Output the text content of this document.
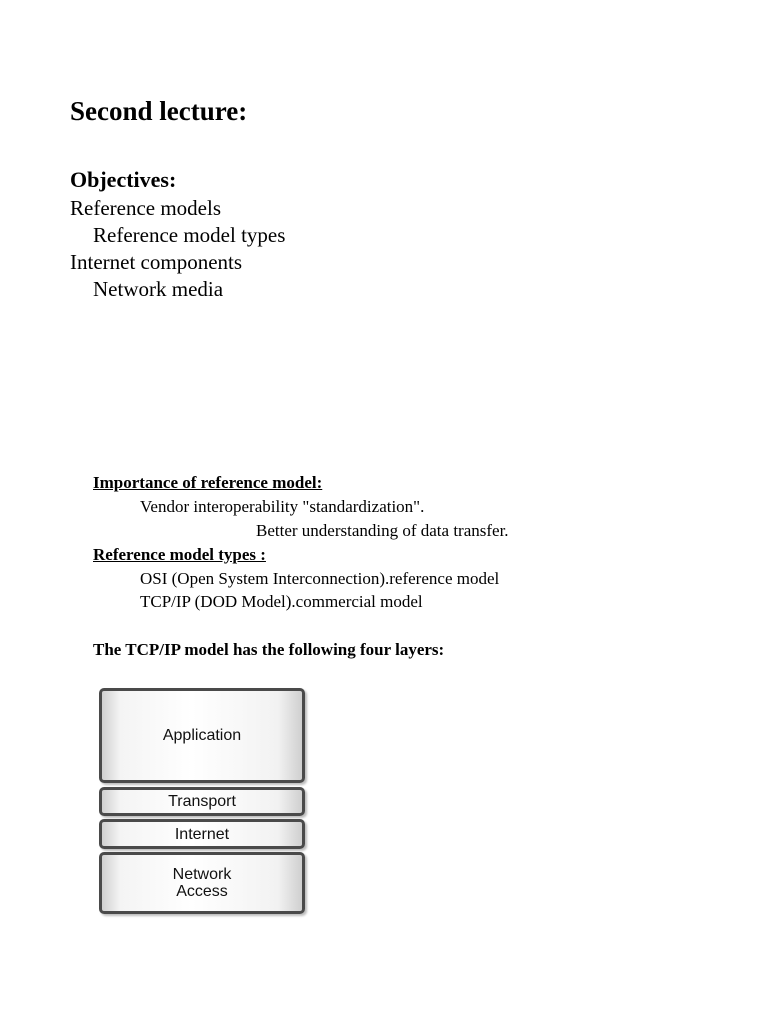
Second lecture:
Objectives:
Reference models
Reference model types
Internet components
Network media
Importance of reference model:
Vendor interoperability "standardization".
Better understanding of data transfer.
Reference model types :
OSI (Open System Interconnection).reference model
TCP/IP (DOD Model).commercial model
The TCP/IP model has the following four layers:
Application
Transport
Internet
Network
Access
